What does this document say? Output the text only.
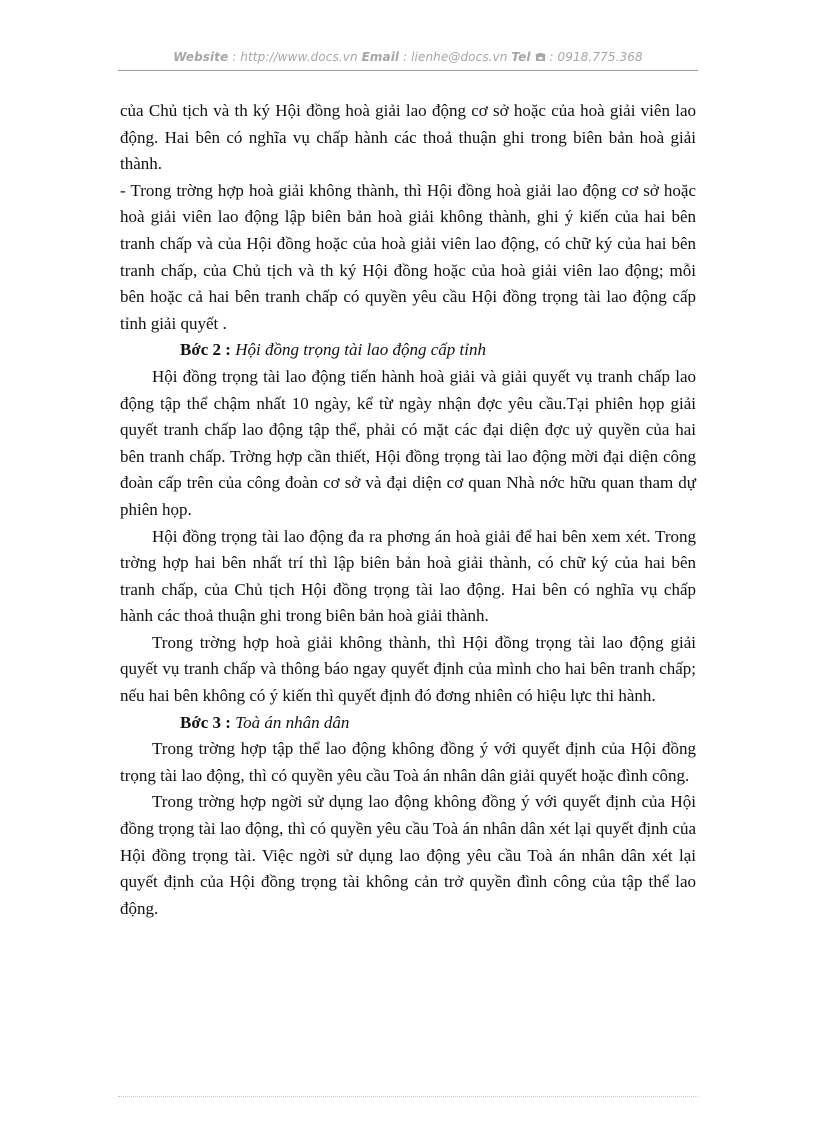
Website : http://www.docs.vn Email : lienhe@docs.vn Tel : 0918.775.368

của Chủ tịch và th ký Hội đồng hoà giải lao động cơ sở hoặc của hoà giải viên lao động. Hai bên có nghĩa vụ chấp hành các thoả thuận ghi trong biên bản hoà giải thành.

- Trong trờng hợp hoà giải không thành, thì Hội đồng hoà giải lao động cơ sở hoặc hoà giải viên lao động lập biên bản hoà giải không thành, ghi ý kiến của hai bên tranh chấp và của Hội đồng hoặc của hoà giải viên lao động, có chữ ký của hai bên tranh chấp, của Chủ tịch và th ký Hội đồng hoặc của hoà giải viên lao động; mỗi bên hoặc cả hai bên tranh chấp có quyền yêu cầu Hội đồng trọng tài lao động cấp tỉnh giải quyết .

Bớc 2 : Hội đồng trọng tài lao động cấp tỉnh

Hội đồng trọng tài lao động tiến hành hoà giải và giải quyết vụ tranh chấp lao động tập thể chậm nhất 10 ngày, kể từ ngày nhận đợc yêu cầu.Tại phiên họp giải quyết tranh chấp lao động tập thể, phải có mặt các đại diện đợc uỷ quyền của hai bên tranh chấp. Trờng hợp cần thiết, Hội đồng trọng tài lao động mời đại diện công đoàn cấp trên của công đoàn cơ sở và đại diện cơ quan Nhà nớc hữu quan tham dự phiên họp.

Hội đồng trọng tài lao động đa ra phơng án hoà giải để hai bên xem xét. Trong trờng hợp hai bên nhất trí thì lập biên bản hoà giải thành, có chữ ký của hai bên tranh chấp, của Chủ tịch Hội đồng trọng tài lao động. Hai bên có nghĩa vụ chấp hành các thoả thuận ghi trong biên bản hoà giải thành.

Trong trờng hợp hoà giải không thành, thì Hội đồng trọng tài lao động giải quyết vụ tranh chấp và thông báo ngay quyết định của mình cho hai bên tranh chấp; nếu hai bên không có ý kiến thì quyết định đó đơng nhiên có hiệu lực thi hành.

Bớc 3 : Toà án nhân dân

Trong trờng hợp tập thể lao động không đồng ý với quyết định của Hội đồng trọng tài lao động, thì có quyền yêu cầu Toà án nhân dân giải quyết hoặc đình công.

Trong trờng hợp ngời sử dụng lao động không đồng ý với quyết định của Hội đồng trọng tài lao động, thì có quyền yêu cầu Toà án nhân dân xét lại quyết định của Hội đồng trọng tài. Việc ngời sử dụng lao động yêu cầu Toà án nhân dân xét lại quyết định của Hội đồng trọng tài không cản trở quyền đình công của tập thể lao động.
